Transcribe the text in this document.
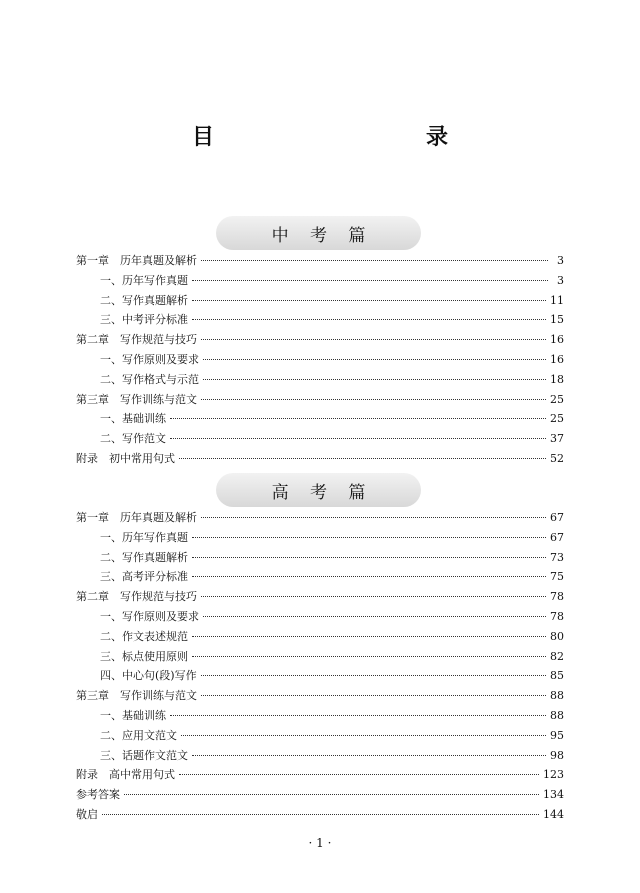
目　　录
中 考 篇
第一章　历年真题及解析	3
一、历年写作真题	3
二、写作真题解析	11
三、中考评分标准	15
第二章　写作规范与技巧	16
一、写作原则及要求	16
二、写作格式与示范	18
第三章　写作训练与范文	25
一、基础训练	25
二、写作范文	37
附录　初中常用句式	52
高 考 篇
第一章　历年真题及解析	67
一、历年写作真题	67
二、写作真题解析	73
三、高考评分标准	75
第二章　写作规范与技巧	78
一、写作原则及要求	78
二、作文表述规范	80
三、标点使用原则	82
四、中心句(段)写作	85
第三章　写作训练与范文	88
一、基础训练	88
二、应用文范文	95
三、话题作文范文	98
附录　高中常用句式	123
参考答案	134
敬启	144
· 1 ·
